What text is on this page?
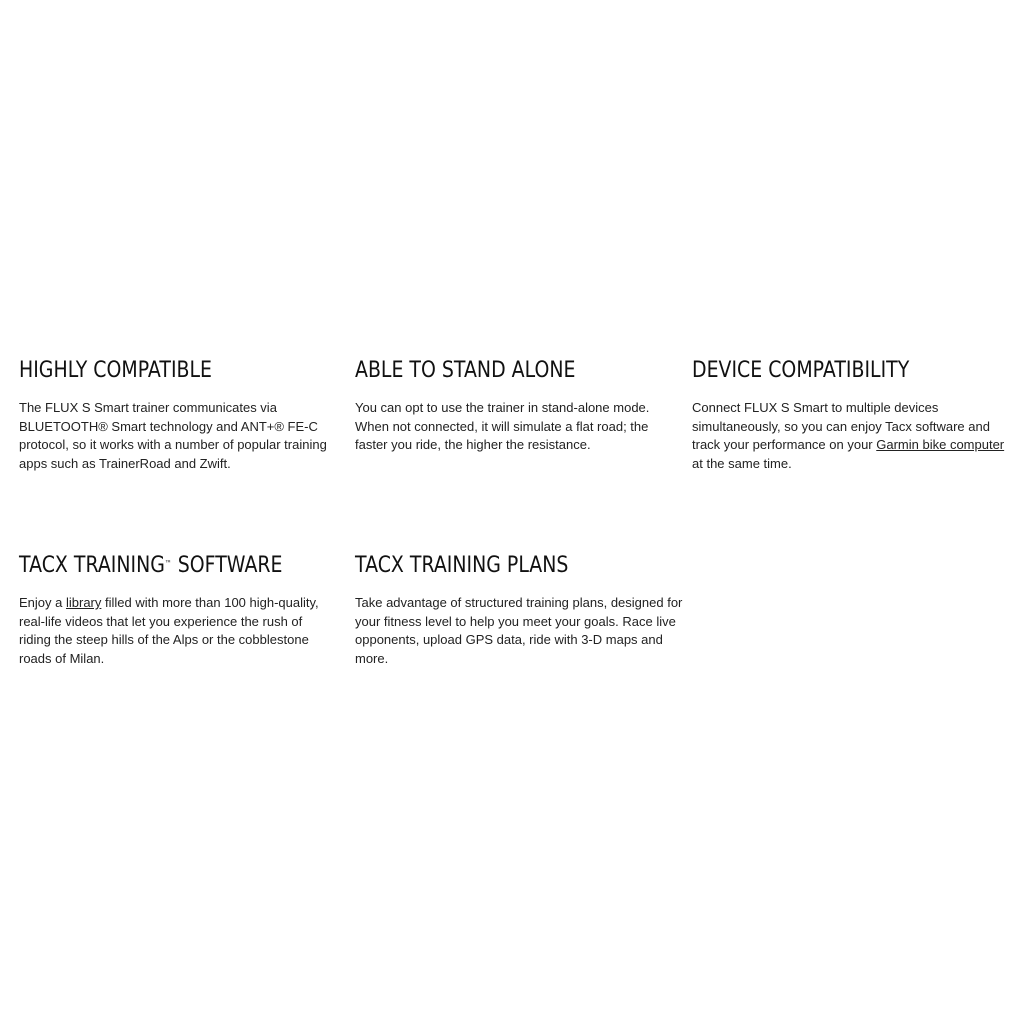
HIGHLY COMPATIBLE

The FLUX S Smart trainer communicates via BLUETOOTH® Smart technology and ANT+® FE-C protocol, so it works with a number of popular training apps such as TrainerRoad and Zwift.

ABLE TO STAND ALONE

You can opt to use the trainer in stand-alone mode. When not connected, it will simulate a flat road; the faster you ride, the higher the resistance.

DEVICE COMPATIBILITY

Connect FLUX S Smart to multiple devices simultaneously, so you can enjoy Tacx software and track your performance on your Garmin bike computer at the same time.

TACX TRAINING™ SOFTWARE

Enjoy a library filled with more than 100 high-quality, real-life videos that let you experience the rush of riding the steep hills of the Alps or the cobblestone roads of Milan.

TACX TRAINING PLANS

Take advantage of structured training plans, designed for your fitness level to help you meet your goals. Race live opponents, upload GPS data, ride with 3-D maps and more.
